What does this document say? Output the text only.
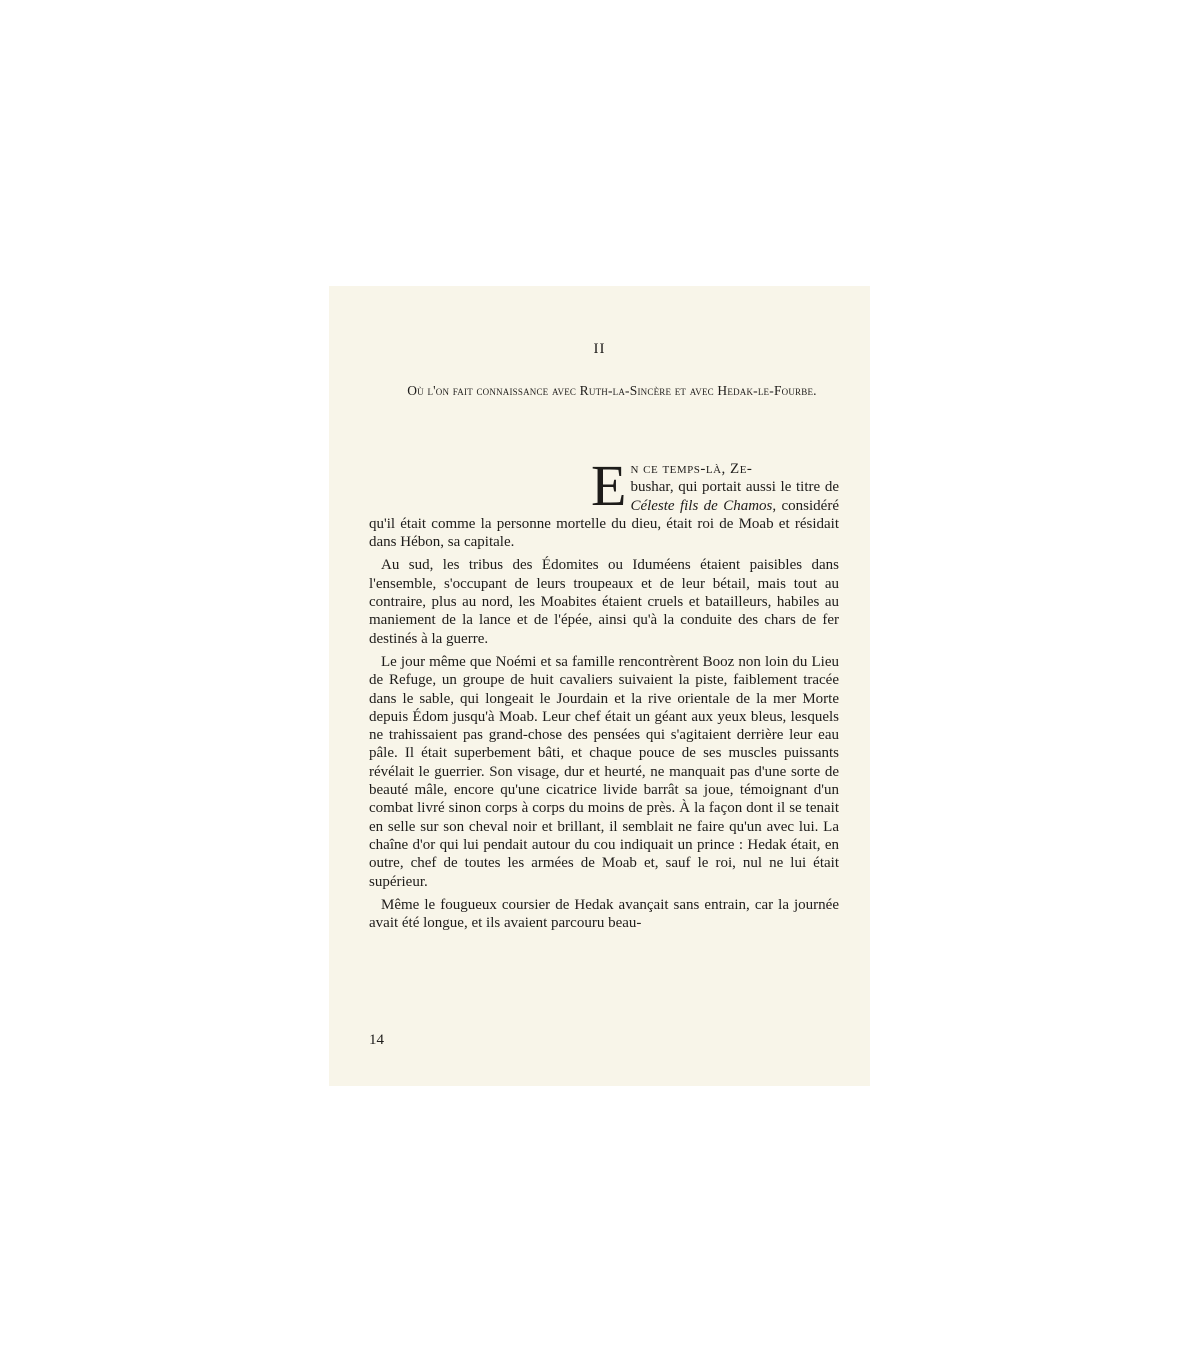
II
Où l'on fait connaissance avec Ruth-la-Sincère et avec Hedak-le-Fourbe.

En ce temps-là, Ze-
bushar, qui portait aussi le titre de Céleste fils de Chamos, considéré qu'il était comme la personne mortelle du dieu, était roi de Moab et résidait dans Hébon, sa capitale.

Au sud, les tribus des Édomites ou Iduméens étaient paisibles dans l'ensemble, s'occupant de leurs troupeaux et de leur bétail, mais tout au contraire, plus au nord, les Moabites étaient cruels et batailleurs, habiles au maniement de la lance et de l'épée, ainsi qu'à la conduite des chars de fer destinés à la guerre.

Le jour même que Noémi et sa famille rencontrèrent Booz non loin du Lieu de Refuge, un groupe de huit cavaliers suivaient la piste, faiblement tracée dans le sable, qui longeait le Jourdain et la rive orientale de la mer Morte depuis Édom jusqu'à Moab. Leur chef était un géant aux yeux bleus, lesquels ne trahissaient pas grand-chose des pensées qui s'agitaient derrière leur eau pâle. Il était superbement bâti, et chaque pouce de ses muscles puissants révélait le guerrier. Son visage, dur et heurté, ne manquait pas d'une sorte de beauté mâle, encore qu'une cicatrice livide barrât sa joue, témoignant d'un combat livré sinon corps à corps du moins de près. À la façon dont il se tenait en selle sur son cheval noir et brillant, il semblait ne faire qu'un avec lui. La chaîne d'or qui lui pendait autour du cou indiquait un prince : Hedak était, en outre, chef de toutes les armées de Moab et, sauf le roi, nul ne lui était supérieur.

Même le fougueux coursier de Hedak avançait sans entrain, car la journée avait été longue, et ils avaient parcouru beau-

14
